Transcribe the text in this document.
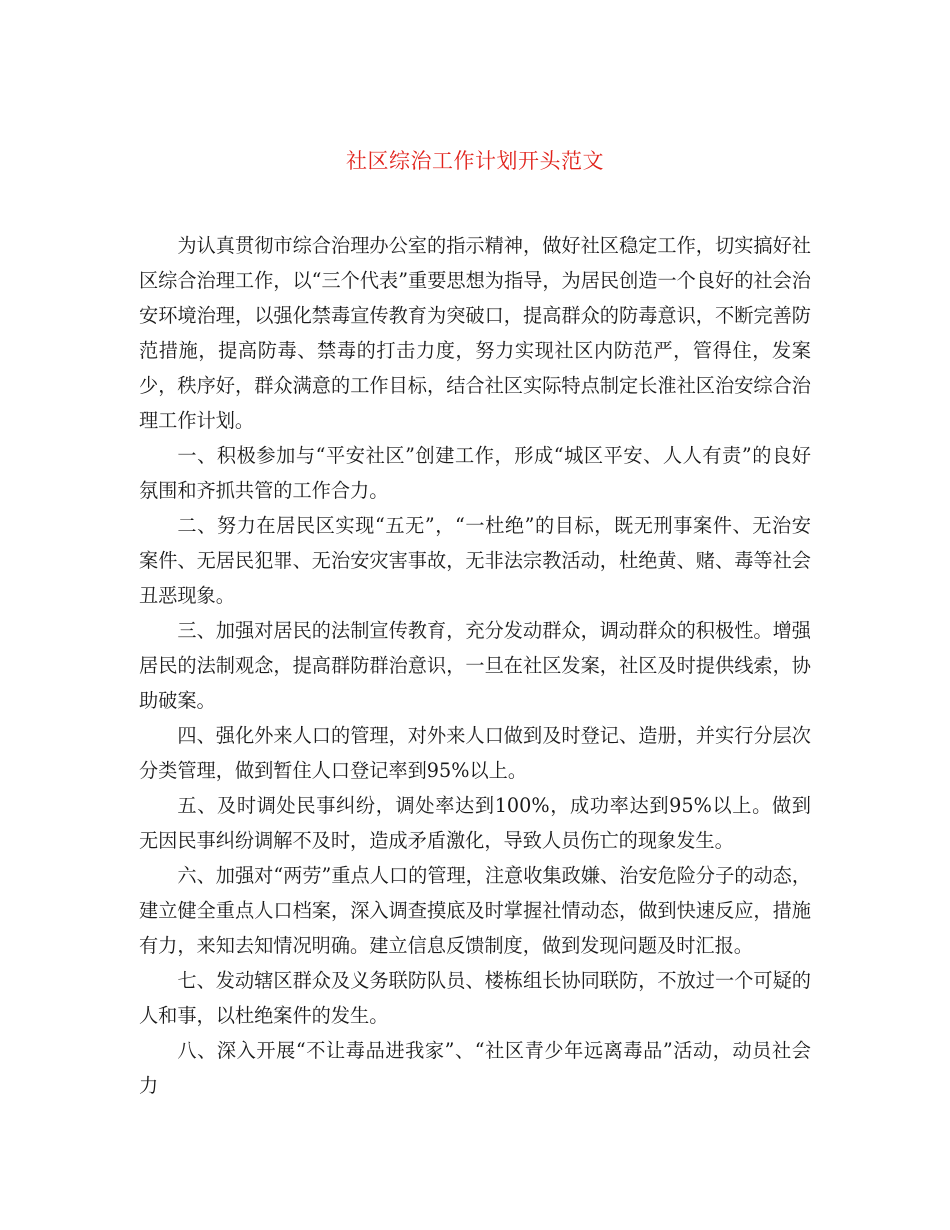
社区综治工作计划开头范文

为认真贯彻市综合治理办公室的指示精神，做好社区稳定工作，切实搞好社区综合治理工作，以“三个代表”重要思想为指导，为居民创造一个良好的社会治安环境治理，以强化禁毒宣传教育为突破口，提高群众的防毒意识，不断完善防范措施，提高防毒、禁毒的打击力度，努力实现社区内防范严，管得住，发案少，秩序好，群众满意的工作目标，结合社区实际特点制定长淮社区治安综合治理工作计划。

一、积极参加与“平安社区”创建工作，形成“城区平安、人人有责”的良好氛围和齐抓共管的工作合力。

二、努力在居民区实现“五无”，“一杜绝”的目标，既无刑事案件、无治安案件、无居民犯罪、无治安灾害事故，无非法宗教活动，杜绝黄、赌、毒等社会丑恶现象。

三、加强对居民的法制宣传教育，充分发动群众，调动群众的积极性。增强居民的法制观念，提高群防群治意识，一旦在社区发案，社区及时提供线索，协助破案。

四、强化外来人口的管理，对外来人口做到及时登记、造册，并实行分层次分类管理，做到暂住人口登记率到95%以上。

五、及时调处民事纠纷，调处率达到100%，成功率达到95%以上。做到无因民事纠纷调解不及时，造成矛盾激化，导致人员伤亡的现象发生。

六、加强对“两劳”重点人口的管理，注意收集政嫌、治安危险分子的动态，建立健全重点人口档案，深入调查摸底及时掌握社情动态，做到快速反应，措施有力，来知去知情况明确。建立信息反馈制度，做到发现问题及时汇报。

七、发动辖区群众及义务联防队员、楼栋组长协同联防，不放过一个可疑的人和事，以杜绝案件的发生。

八、深入开展“不让毒品进我家”、“社区青少年远离毒品”活动，动员社会力
